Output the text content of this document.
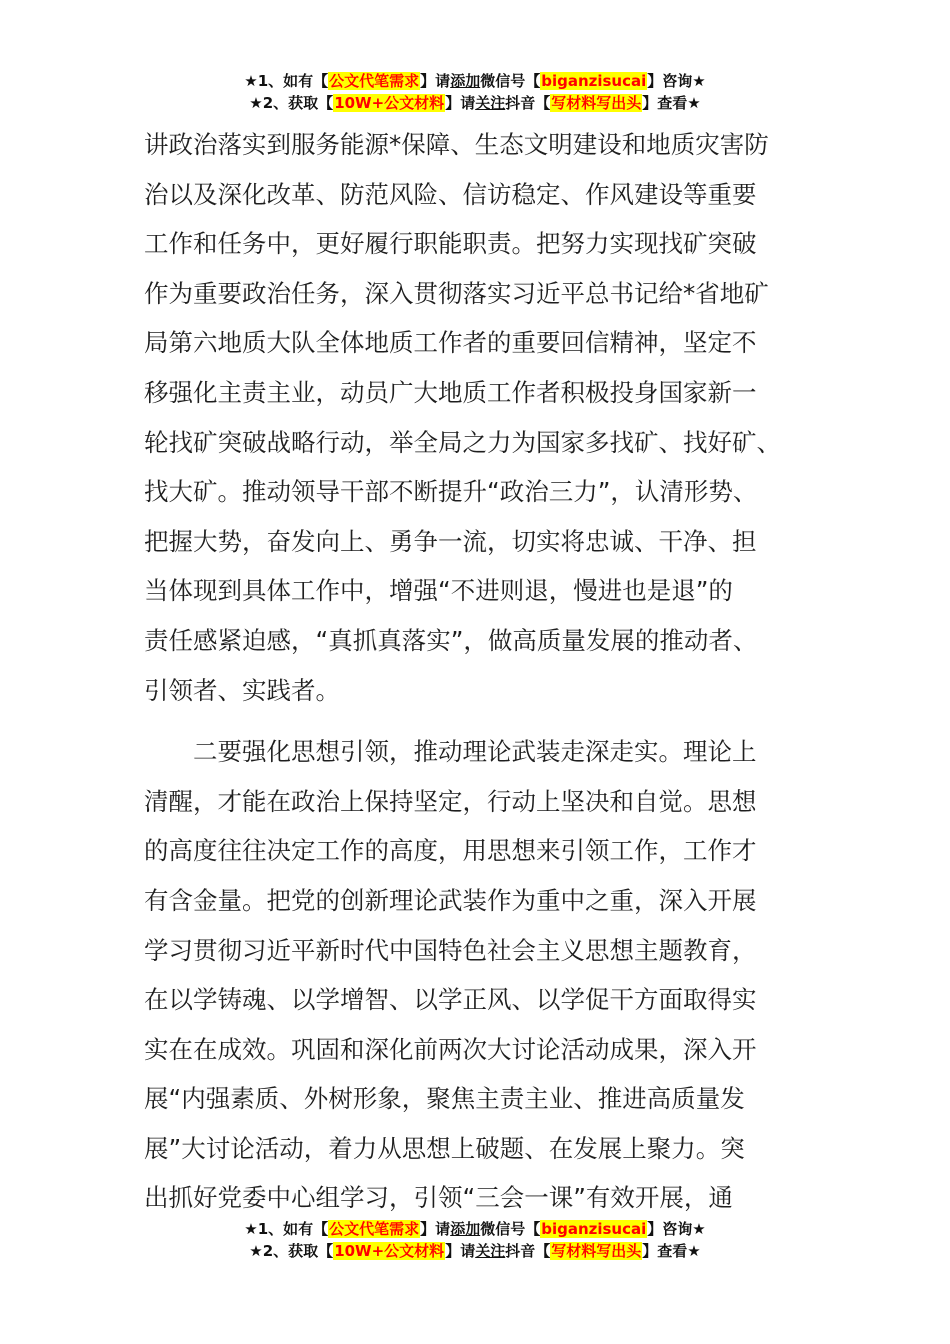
★1、如有【公文代笔需求】请添加微信号【biganzisucai】咨询★
★2、获取【10W+公文材料】请关注抖音【写材料写出头】查看★
讲政治落实到服务能源*保障、生态文明建设和地质灾害防
治以及深化改革、防范风险、信访稳定、作风建设等重要
工作和任务中，更好履行职能职责。把努力实现找矿突破
作为重要政治任务，深入贯彻落实习近平总书记给*省地矿
局第六地质大队全体地质工作者的重要回信精神，坚定不
移强化主责主业，动员广大地质工作者积极投身国家新一
轮找矿突破战略行动，举全局之力为国家多找矿、找好矿、
找大矿。推动领导干部不断提升“政治三力”，认清形势、
把握大势，奋发向上、勇争一流，切实将忠诚、干净、担
当体现到具体工作中，增强“不进则退，慢进也是退”的
责任感紧迫感，“真抓真落实”，做高质量发展的推动者、
引领者、实践者。
　　二要强化思想引领，推动理论武装走深走实。理论上
清醒，才能在政治上保持坚定，行动上坚决和自觉。思想
的高度往往决定工作的高度，用思想来引领工作，工作才
有含金量。把党的创新理论武装作为重中之重，深入开展
学习贯彻习近平新时代中国特色社会主义思想主题教育，
在以学铸魂、以学增智、以学正风、以学促干方面取得实
实在在成效。巩固和深化前两次大讨论活动成果，深入开
展“内强素质、外树形象，聚焦主责主业、推进高质量发
展”大讨论活动，着力从思想上破题、在发展上聚力。突
出抓好党委中心组学习，引领“三会一课”有效开展，通
★1、如有【公文代笔需求】请添加微信号【biganzisucai】咨询★
★2、获取【10W+公文材料】请关注抖音【写材料写出头】查看★
